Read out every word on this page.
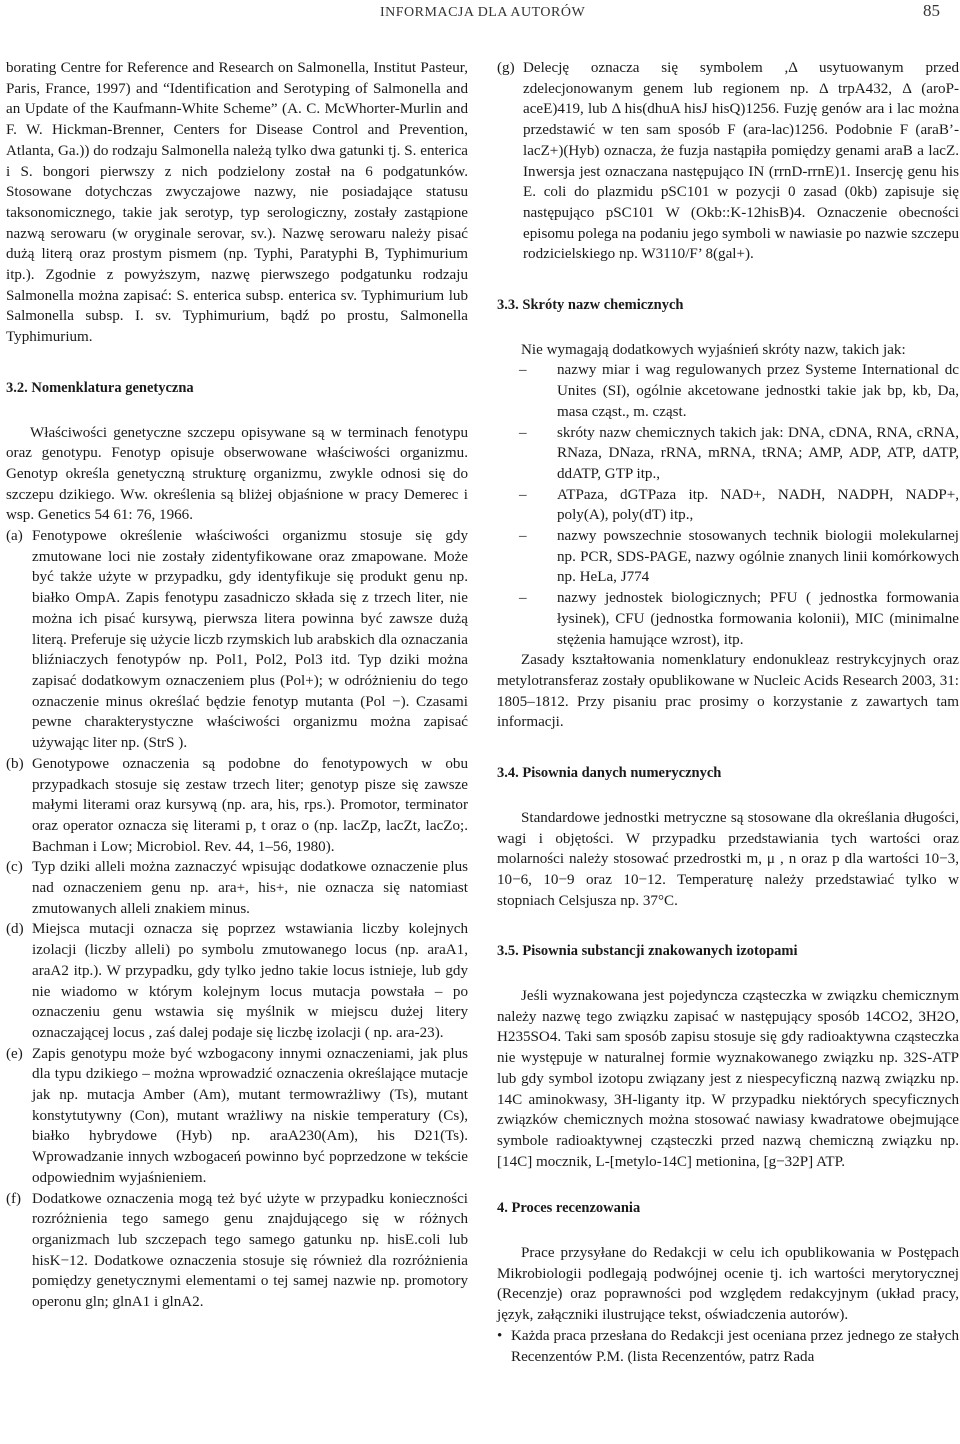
INFORMACJA DLA AUTORÓW	85

borating Centre for Reference and Research on Salmonella, Institut Pasteur, Paris, France, 1997) and “Identification and Serotyping of Salmonella and an Update of the Kaufmann-White Scheme” (A. C. McWhorter-Murlin and F. W. Hickman-Brenner, Centers for Disease Control and Prevention, Atlanta, Ga.)) do rodzaju Salmonella należą tylko dwa gatunki tj. S. enterica i S. bongori pierwszy z nich podzielony został na 6 podgatunków. Stosowane dotychczas zwyczajowe nazwy, nie posiadające statusu taksonomicznego, takie jak serotyp, typ serologiczny, zostały zastąpione nazwą serowaru (w oryginale serovar, sv.). Nazwę serowaru należy pisać dużą literą oraz prostym pismem (np. Typhi, Paratyphi B, Typhimurium itp.). Zgodnie z powyższym, nazwę pierwszego podgatunku rodzaju Salmonella można zapisać: S. enterica subsp. enterica sv. Typhimurium lub Salmonella subsp. I. sv. Typhimurium, bądź po prostu, Salmonella Typhimurium.

3.2. Nomenklatura genetyczna

Właściwości genetyczne szczepu opisywane są w terminach fenotypu oraz genotypu. Fenotyp opisuje obserwowane właściwości organizmu. Genotyp określa genetyczną strukturę organizmu, zwykle odnosi się do szczepu dzikiego. Ww. określenia są bliżej objaśnione w pracy Demerec i wsp. Genetics 54 61: 76, 1966.

(a) Fenotypowe określenie właściwości organizmu stosuje się gdy zmutowane loci nie zostały zidentyfikowane oraz zmapowane. Może być także użyte w przypadku, gdy identyfikuje się produkt genu np. białko OmpA. Zapis fenotypu zasadniczo składa się z trzech liter, nie można ich pisać kursywą, pierwsza litera powinna być zawsze dużą literą. Preferuje się użycie liczb rzymskich lub arabskich dla oznaczania bliźniaczych fenotypów np. Pol1, Pol2, Pol3 itd. Typ dziki można zapisać dodatkowym oznaczeniem plus (Pol+); w odróżnieniu do tego oznaczenie minus określać będzie fenotyp mutanta (Pol −). Czasami pewne charakterystyczne właściwości organizmu można zapisać używając liter np. (StrS ).
(b) Genotypowe oznaczenia są podobne do fenotypowych w obu przypadkach stosuje się zestaw trzech liter; genotyp pisze się zawsze małymi literami oraz kursywą (np. ara, his, rps.). Promotor, terminator oraz operator oznacza się literami p, t oraz o (np. lacZp, lacZt, lacZo;. Bachman i Low; Microbiol. Rev. 44, 1–56, 1980).
(c) Typ dziki alleli można zaznaczyć wpisując dodatkowe oznaczenie plus nad oznaczeniem genu np. ara+, his+, nie oznacza się natomiast zmutowanych alleli znakiem minus.
(d) Miejsca mutacji oznacza się poprzez wstawiania liczby kolejnych izolacji (liczby alleli) po symbolu zmutowanego locus (np. araA1, araA2 itp.). W przypadku, gdy tylko jedno takie locus istnieje, lub gdy nie wiadomo w którym kolejnym locus mutacja powstała – po oznaczeniu genu wstawia się myślnik w miejscu dużej litery oznaczającej locus , zaś dalej podaje się liczbę izolacji ( np. ara-23).
(e) Zapis genotypu może być wzbogacony innymi oznaczeniami, jak plus dla typu dzikiego – można wprowadzić oznaczenia określające mutacje jak np. mutacja Amber (Am), mutant termowrażliwy (Ts), mutant konstytutywny (Con), mutant wrażliwy na niskie temperatury (Cs), białko hybrydowe (Hyb) np. araA230(Am), his D21(Ts). Wprowadzanie innych wzbogaceń powinno być poprzedzone w tekście odpowiednim wyjaśnieniem.
(f) Dodatkowe oznaczenia mogą też być użyte w przypadku konieczności rozróżnienia tego samego genu znajdującego się w różnych organizmach lub szczepach tego samego gatunku np. hisE.coli lub hisK−12. Dodatkowe oznaczenia stosuje się również dla rozróżnienia pomiędzy genetycznymi elementami o tej samej nazwie np. promotory operonu gln; glnA1 i glnA2.
(g) Delecję oznacza się symbolem ,Δ usytuowanym przed zdelecjonowanym genem lub regionem np. Δ trpA432, Δ (aroP-aceE)419, lub Δ his(dhuA hisJ hisQ)1256. Fuzję genów ara i lac można przedstawić w ten sam sposób F (ara-lac)1256. Podobnie F (araB’-lacZ+)(Hyb) oznacza, że fuzja nastąpiła pomiędzy genami araB a lacZ. Inwersja jest oznaczana następująco IN (rrnD-rrnE)1. Insercję genu his E. coli do plazmidu pSC101 w pozycji 0 zasad (0kb) zapisuje się następująco pSC101 W (Okb::K-12hisB)4. Oznaczenie obecności episomu polega na podaniu jego symboli w nawiasie po nazwie szczepu rodzicielskiego np. W3110/F’ 8(gal+).
3.3. Skróty nazw chemicznych

Nie wymagają dodatkowych wyjaśnień skróty nazw, takich jak:

–	nazwy miar i wag regulowanych przez Systeme International dc Unites (SI), ogólnie akcetowane jednostki takie jak bp, kb, Da, masa cząst., m. cząst.
–	skróty nazw chemicznych takich jak: DNA, cDNA, RNA, cRNA, RNaza, DNaza, rRNA, mRNA, tRNA; AMP, ADP, ATP, dATP, ddATP, GTP itp.,
–	ATPaza, dGTPaza itp. NAD+, NADH, NADPH, NADP+, poly(A), poly(dT) itp.,
–	nazwy powszechnie stosowanych technik biologii molekularnej np. PCR, SDS-PAGE, nazwy ogólnie znanych linii komórkowych np. HeLa, J774
–	nazwy jednostek biologicznych; PFU ( jednostka formowania łysinek), CFU (jednostka formowania kolonii), MIC (minimalne stężenia hamujące wzrost), itp.

Zasady kształtowania nomenklatury endonukleaz restrykcyjnych oraz metylotransferaz zostały opublikowane w Nucleic Acids Research 2003, 31: 1805–1812. Przy pisaniu prac prosimy o korzystanie z zawartych tam informacji.

3.4. Pisownia danych numerycznych

Standardowe jednostki metryczne są stosowane dla określania długości, wagi i objętości. W przypadku przedstawiania tych wartości oraz molarności należy stosować przedrostki m, μ , n oraz p dla wartości 10−3, 10−6, 10−9 oraz 10−12. Temperaturę należy przedstawiać tylko w stopniach Celsjusza np. 37°C.

3.5. Pisownia substancji znakowanych izotopami

Jeśli wyznakowana jest pojedyncza cząsteczka w związku chemicznym należy nazwę tego związku zapisać w następujący sposób 14CO2, 3H2O, H235SO4. Taki sam sposób zapisu stosuje się gdy radioaktywna cząsteczka nie występuje w naturalnej formie wyznakowanego związku np. 32S-ATP lub gdy symbol izotopu związany jest z niespecyficzną nazwą związku np. 14C aminokwasy, 3H-liganty itp. W przypadku niektórych specyficznych związków chemicznych można stosować nawiasy kwadratowe obejmujące symbole radioaktywnej cząsteczki przed nazwą chemiczną związku np. [14C] mocznik, L-[metylo-14C] metionina, [g−32P] ATP.

4. Proces recenzowania

Prace przysyłane do Redakcji w celu ich opublikowania w Postępach Mikrobiologii podlegają podwójnej ocenie tj. ich wartości merytorycznej (Recenzje) oraz poprawności pod względem redakcyjnym (układ pracy, język, załączniki ilustrujące tekst, oświadczenia autorów).

• Każda praca przesłana do Redakcji jest oceniana przez jednego ze stałych Recenzentów P.M. (lista Recenzentów, patrz Rada
